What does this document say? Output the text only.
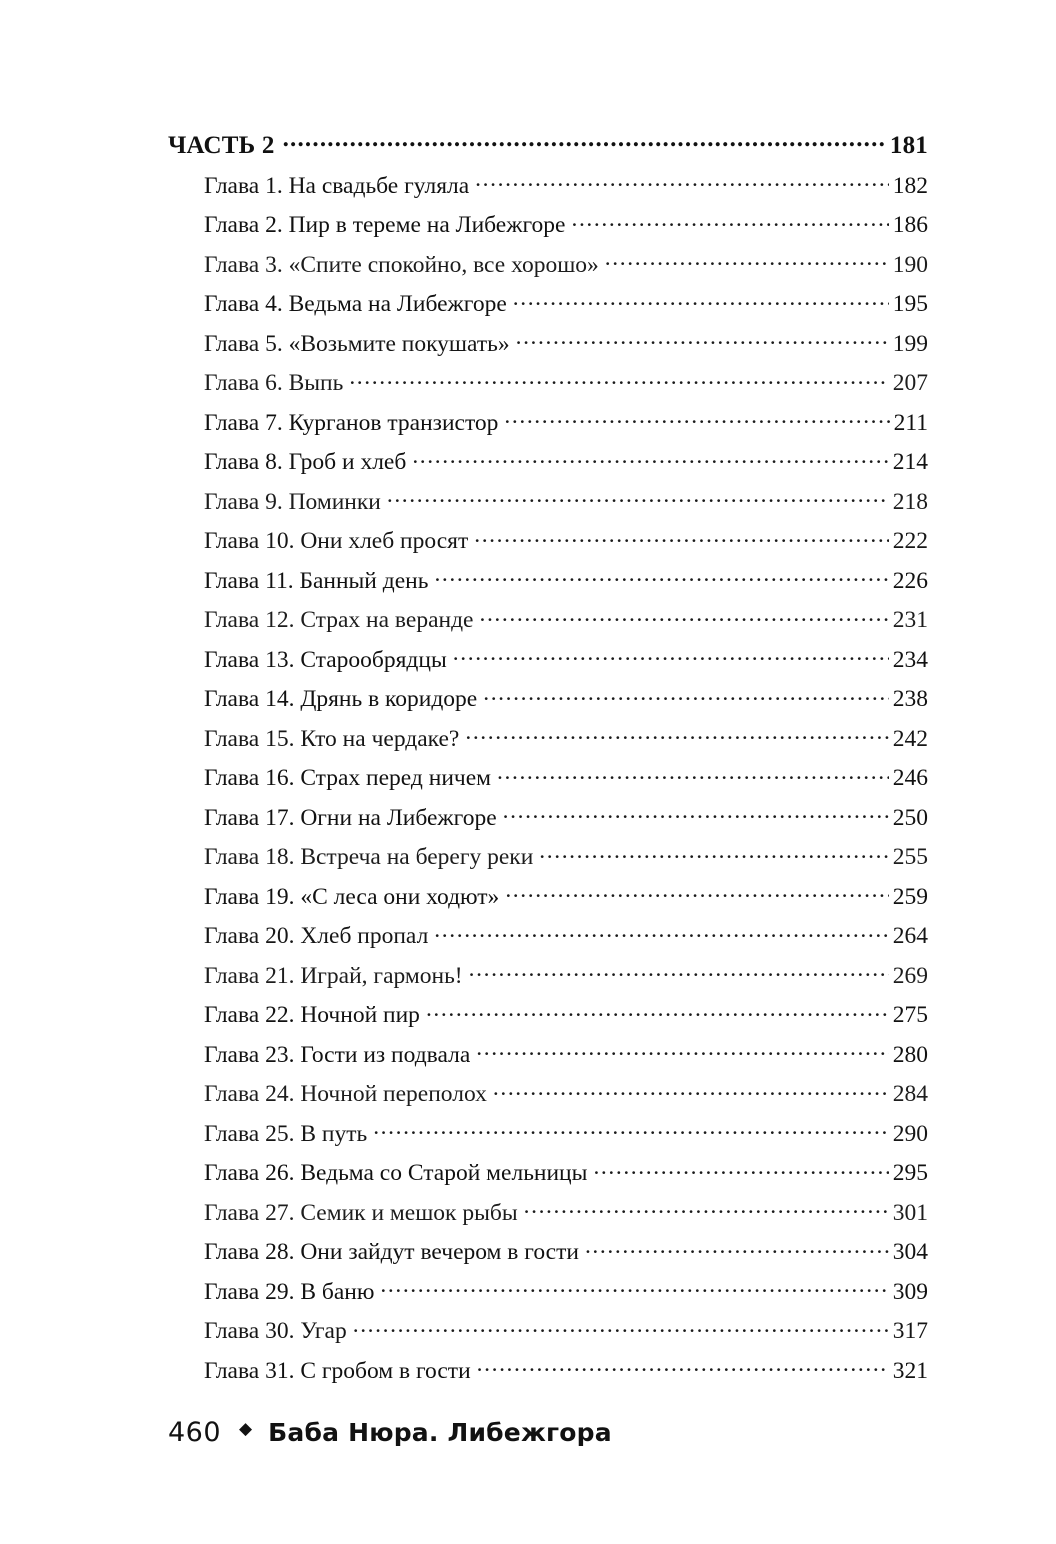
ЧАСТЬ 2 .....	181
Глава 1. На свадьбе гуляла .....	182
Глава 2. Пир в тереме на Либежгоре .....	186
Глава 3. «Спите спокойно, все хорошо» .....	190
Глава 4. Ведьма на Либежгоре .....	195
Глава 5. «Возьмите покушать» .....	199
Глава 6. Выпь .....	207
Глава 7. Курганов транзистор .....	211
Глава 8. Гроб и хлеб .....	214
Глава 9. Поминки .....	218
Глава 10. Они хлеб просят .....	222
Глава 11. Банный день .....	226
Глава 12. Страх на веранде .....	231
Глава 13. Старообрядцы .....	234
Глава 14. Дрянь в коридоре .....	238
Глава 15. Кто на чердаке? .....	242
Глава 16. Страх перед ничем .....	246
Глава 17. Огни на Либежгоре .....	250
Глава 18. Встреча на берегу реки .....	255
Глава 19. «С леса они ходют» .....	259
Глава 20. Хлеб пропал .....	264
Глава 21. Играй, гармонь! .....	269
Глава 22. Ночной пир .....	275
Глава 23. Гости из подвала .....	280
Глава 24. Ночной переполох .....	284
Глава 25. В путь .....	290
Глава 26. Ведьма со Старой мельницы .....	295
Глава 27. Семик и мешок рыбы .....	301
Глава 28. Они зайдут вечером в гости .....	304
Глава 29. В баню .....	309
Глава 30. Угар .....	317
Глава 31. С гробом в гости .....	321
460 ◆ Баба Нюра. Либежгора
